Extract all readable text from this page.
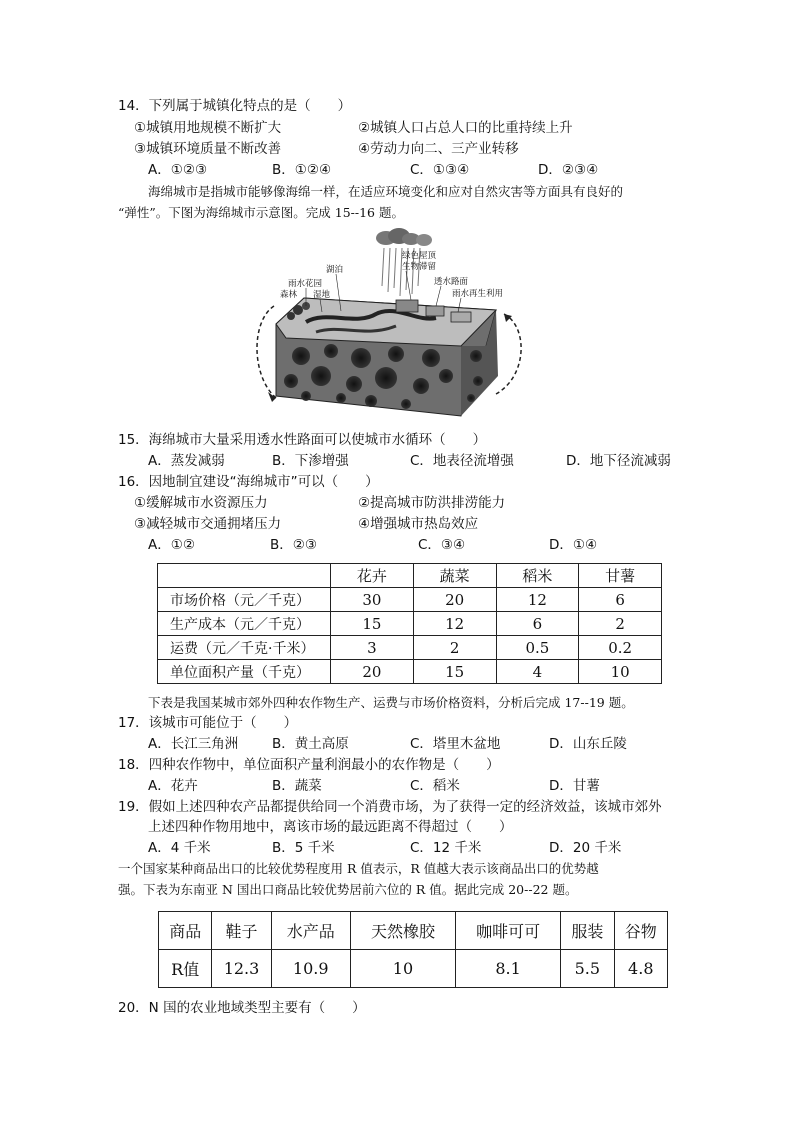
14．下列属于城镇化特点的是（　　）
①城镇用地规模不断扩大	②城镇人口占总人口的比重持续上升
③城镇环境质量不断改善	④劳动力向二、三产业转移
A．①②③	B．①②④	C．①③④	D．②③④
海绵城市是指城市能够像海绵一样，在适应环境变化和应对自然灾害等方面具有良好的
“弹性”。下图为海绵城市示意图。完成 15--16 题。
绿色屋顶
生物滞留
湖泊
雨水花园
森林 湿地
透水路面
雨水再生利用
15．海绵城市大量采用透水性路面可以使城市水循环（　　）
A．蒸发减弱	B．下渗增强	C．地表径流增强	D．地下径流减弱
16．因地制宜建设“海绵城市”可以（　　）
①缓解城市水资源压力	②提高城市防洪排涝能力
③减轻城市交通拥堵压力	④增强城市热岛效应
A．①②	B．②③	C．③④	D．①④
	花卉	蔬菜	稻米	甘薯
市场价格（元／千克）	30	20	12	6
生产成本（元／千克）	15	12	6	2
运费（元／千克·千米）	3	2	0.5	0.2
单位面积产量（千克）	20	15	4	10
下表是我国某城市郊外四种农作物生产、运费与市场价格资料，分析后完成 17--19 题。
17．该城市可能位于（　　）
A．长江三角洲	B．黄土高原	C．塔里木盆地	D．山东丘陵
18．四种农作物中，单位面积产量利润最小的农作物是（　　）
A．花卉	B．蔬菜	C．稻米	D．甘薯
19．假如上述四种农产品都提供给同一个消费市场，为了获得一定的经济效益，该城市郊外
上述四种作物用地中，离该市场的最远距离不得超过（　　）
A．4 千米	B．5 千米	C．12 千米	D．20 千米
一个国家某种商品出口的比较优势程度用 R 值表示，R 值越大表示该商品出口的优势越
强。下表为东南亚 N 国出口商品比较优势居前六位的 R 值。据此完成 20--22 题。
商品	鞋子	水产品	天然橡胶	咖啡可可	服装	谷物
R值	12.3	10.9	10	8.1	5.5	4.8
20．N 国的农业地域类型主要有（　　）
